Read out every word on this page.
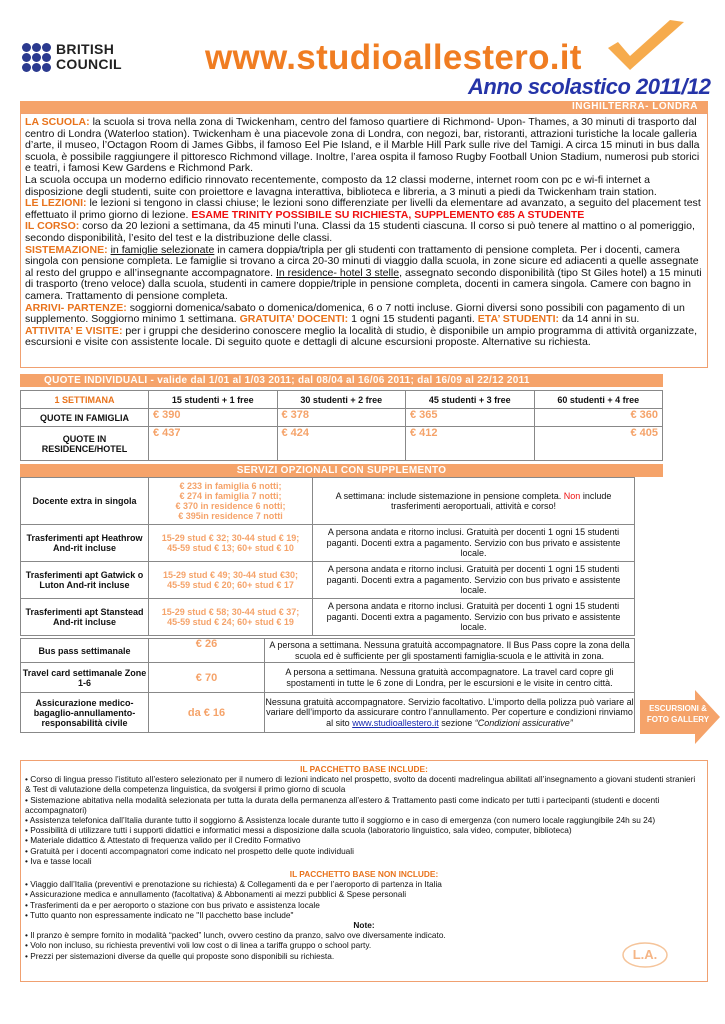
BRITISH
COUNCIL www.studioallestero.it
Anno scolastico 2011/12
INGHILTERRA- LONDRA

LA SCUOLA: la scuola si trova nella zona di Twickenham, centro del famoso quartiere di Richmond- Upon- Thames, a 30 minuti di trasporto dal centro di Londra (Waterloo station). Twickenham è una piacevole zona di Londra, con negozi, bar, ristoranti, attrazioni turistiche la locale galleria d’arte, il museo, l’Octagon Room di James Gibbs, il famoso Eel Pie Island, e il Marble Hill Park sulle rive del Tamigi. A circa 15 minuti in bus dalla scuola, è possibile raggiungere il pittoresco Richmond village. Inoltre, l’area ospita il famoso Rugby Football Union Stadium, numerosi pub storici e teatri, i famosi Kew Gardens e Richmond Park.

La scuola occupa un moderno edificio rinnovato recentemente, composto da 12 classi moderne, internet room con pc e wi-fi internet a disposizione degli studenti, suite con proiettore e lavagna interattiva, biblioteca e libreria, a 3 minuti a piedi da Twickenham train station.

LE LEZIONI: le lezioni si tengono in classi chiuse; le lezioni sono differenziate per livelli da elementare ad avanzato, a seguito del placement test effettuato il primo giorno di lezione. ESAME TRINITY POSSIBILE SU RICHIESTA, SUPPLEMENTO €85 A STUDENTE

IL CORSO: corso da 20 lezioni a settimana, da 45 minuti l’una. Classi da 15 studenti ciascuna. Il corso si può tenere al mattino o al pomeriggio, secondo disponibilità, l’esito del test e la distribuzione delle classi.

SISTEMAZIONE: in famiglie selezionate in camera doppia/tripla per gli studenti con trattamento di pensione completa. Per i docenti, camera singola con pensione completa. Le famiglie si trovano a circa 20-30 minuti di viaggio dalla scuola, in zone sicure ed adiacenti a quelle assegnate al resto del gruppo e all’insegnante accompagnatore. In residence- hotel 3 stelle, assegnato secondo disponibilità (tipo St Giles hotel) a 15 minuti di trasporto (treno veloce) dalla scuola, studenti in camere doppie/triple in pensione completa, docenti in camera singola. Camere con bagno in camera. Trattamento di pensione completa.

ARRIVI- PARTENZE: soggiorni domenica/sabato o domenica/domenica, 6 o 7 notti incluse. Giorni diversi sono possibili con pagamento di un supplemento. Soggiorno minimo 1 settimana. GRATUITA’ DOCENTI: 1 ogni 15 studenti paganti. ETA’ STUDENTI: da 14 anni in su.

ATTIVITA’ E VISITE: per i gruppi che desiderino conoscere meglio la località di studio, è disponibile un ampio programma di attività organizzate, escursioni e visite con assistente locale. Di seguito quote e dettagli di alcune escursioni proposte. Alternative su richiesta.

QUOTE INDIVIDUALI - valide dal 1/01 al 1/03 2011; dal 08/04 al 16/06 2011; dal 16/09 al 22/12 2011
1 SETTIMANA	15 studenti + 1 free	30 studenti + 2 free	45 studenti + 3 free	60 studenti + 4 free
QUOTE IN FAMIGLIA	€ 390	€ 378	€ 365	€ 360
QUOTE IN RESIDENCE/HOTEL	€ 437	€ 424	€ 412	€ 405
SERVIZI OPZIONALI CON SUPPLEMENTO
Docente extra in singola	€ 233 in famiglia 6 notti;
€ 274 in famiglia 7 notti;
€ 370 in residence 6 notti;
€ 395in residence 7 notti	A settimana: include sistemazione in pensione completa. Non include trasferimenti aeroportuali, attività e corso!
Trasferimenti apt Heathrow And-rit incluse	15-29 stud € 32; 30-44 stud € 19;
45-59 stud € 13; 60+ stud € 10	A persona andata e ritorno inclusi. Gratuità per docenti 1 ogni 15 studenti paganti. Docenti extra a pagamento. Servizio con bus privato e assistente locale.
Trasferimenti apt Gatwick o Luton And-rit incluse	15-29 stud € 49; 30-44 stud €30;
45-59 stud € 20; 60+ stud € 17	A persona andata e ritorno inclusi. Gratuità per docenti 1 ogni 15 studenti paganti. Docenti extra a pagamento. Servizio con bus privato e assistente locale.
Trasferimenti apt Stanstead And-rit incluse	15-29 stud € 58; 30-44 stud € 37;
45-59 stud € 24; 60+ stud € 19	A persona andata e ritorno inclusi. Gratuità per docenti 1 ogni 15 studenti paganti. Docenti extra a pagamento. Servizio con bus privato e assistente locale.
Bus pass settimanale	€ 26	A persona a settimana. Nessuna gratuità accompagnatore. Il Bus Pass copre la zona della scuola ed è sufficiente per gli spostamenti famiglia-scuola e le attività in zona.
Travel card settimanale Zone 1-6	€ 70	A persona a settimana. Nessuna gratuità accompagnatore. La travel card copre gli spostamenti in tutte le 6 zone di Londra, per le escursioni e le visite in centro città.
Assicurazione medico-bagaglio-annullamento-responsabilità civile	da € 16	Nessuna gratuità accompagnatore. Servizio facoltativo. L’importo della polizza può variare al variare dell’importo da assicurare contro l’annullamento. Per coperture e condizioni rinviamo al sito www.studioallestero.it sezione “Condizioni assicurative”
ESCURSIONI &
FOTO GALLERY
IL PACCHETTO BASE INCLUDE:
• Corso di lingua presso l’istituto all’estero selezionato per il numero di lezioni indicato nel prospetto, svolto da docenti madrelingua abilitati all’insegnamento a giovani studenti stranieri & Test di valutazione della competenza linguistica, da svolgersi il primo giorno di scuola
• Sistemazione abitativa nella modalità selezionata per tutta la durata della permanenza all’estero & Trattamento pasti come indicato per tutti i partecipanti (studenti e docenti accompagnatori)
• Assistenza telefonica dall’Italia durante tutto il soggiorno & Assistenza locale durante tutto il soggiorno e in caso di emergenza (con numero locale raggiungibile 24h su 24)
• Possibilità di utilizzare tutti i supporti didattici e informatici messi a disposizione dalla scuola (laboratorio linguistico, sala video, computer, biblioteca)
• Materiale didattico & Attestato di frequenza valido per il Credito Formativo
• Gratuità per i docenti accompagnatori come indicato nel prospetto delle quote individuali
• Iva e tasse locali
IL PACCHETTO BASE NON INCLUDE:
• Viaggio dall’Italia (preventivi e prenotazione su richiesta) & Collegamenti da e per l’aeroporto di partenza in Italia
• Assicurazione medica e annullamento (facoltativa) & Abbonamenti ai mezzi pubblici & Spese personali
• Trasferimenti da e per aeroporto o stazione con bus privato e assistenza locale
• Tutto quanto non espressamente indicato ne "Il pacchetto base include"
Note:
• Il pranzo è sempre fornito in modalità “packed” lunch, ovvero cestino da pranzo, salvo ove diversamente indicato.
• Volo non incluso, su richiesta preventivi voli low cost o di linea a tariffa gruppo o school party.
• Prezzi per sistemazioni diverse da quelle qui proposte sono disponibili su richiesta.	L.A.
